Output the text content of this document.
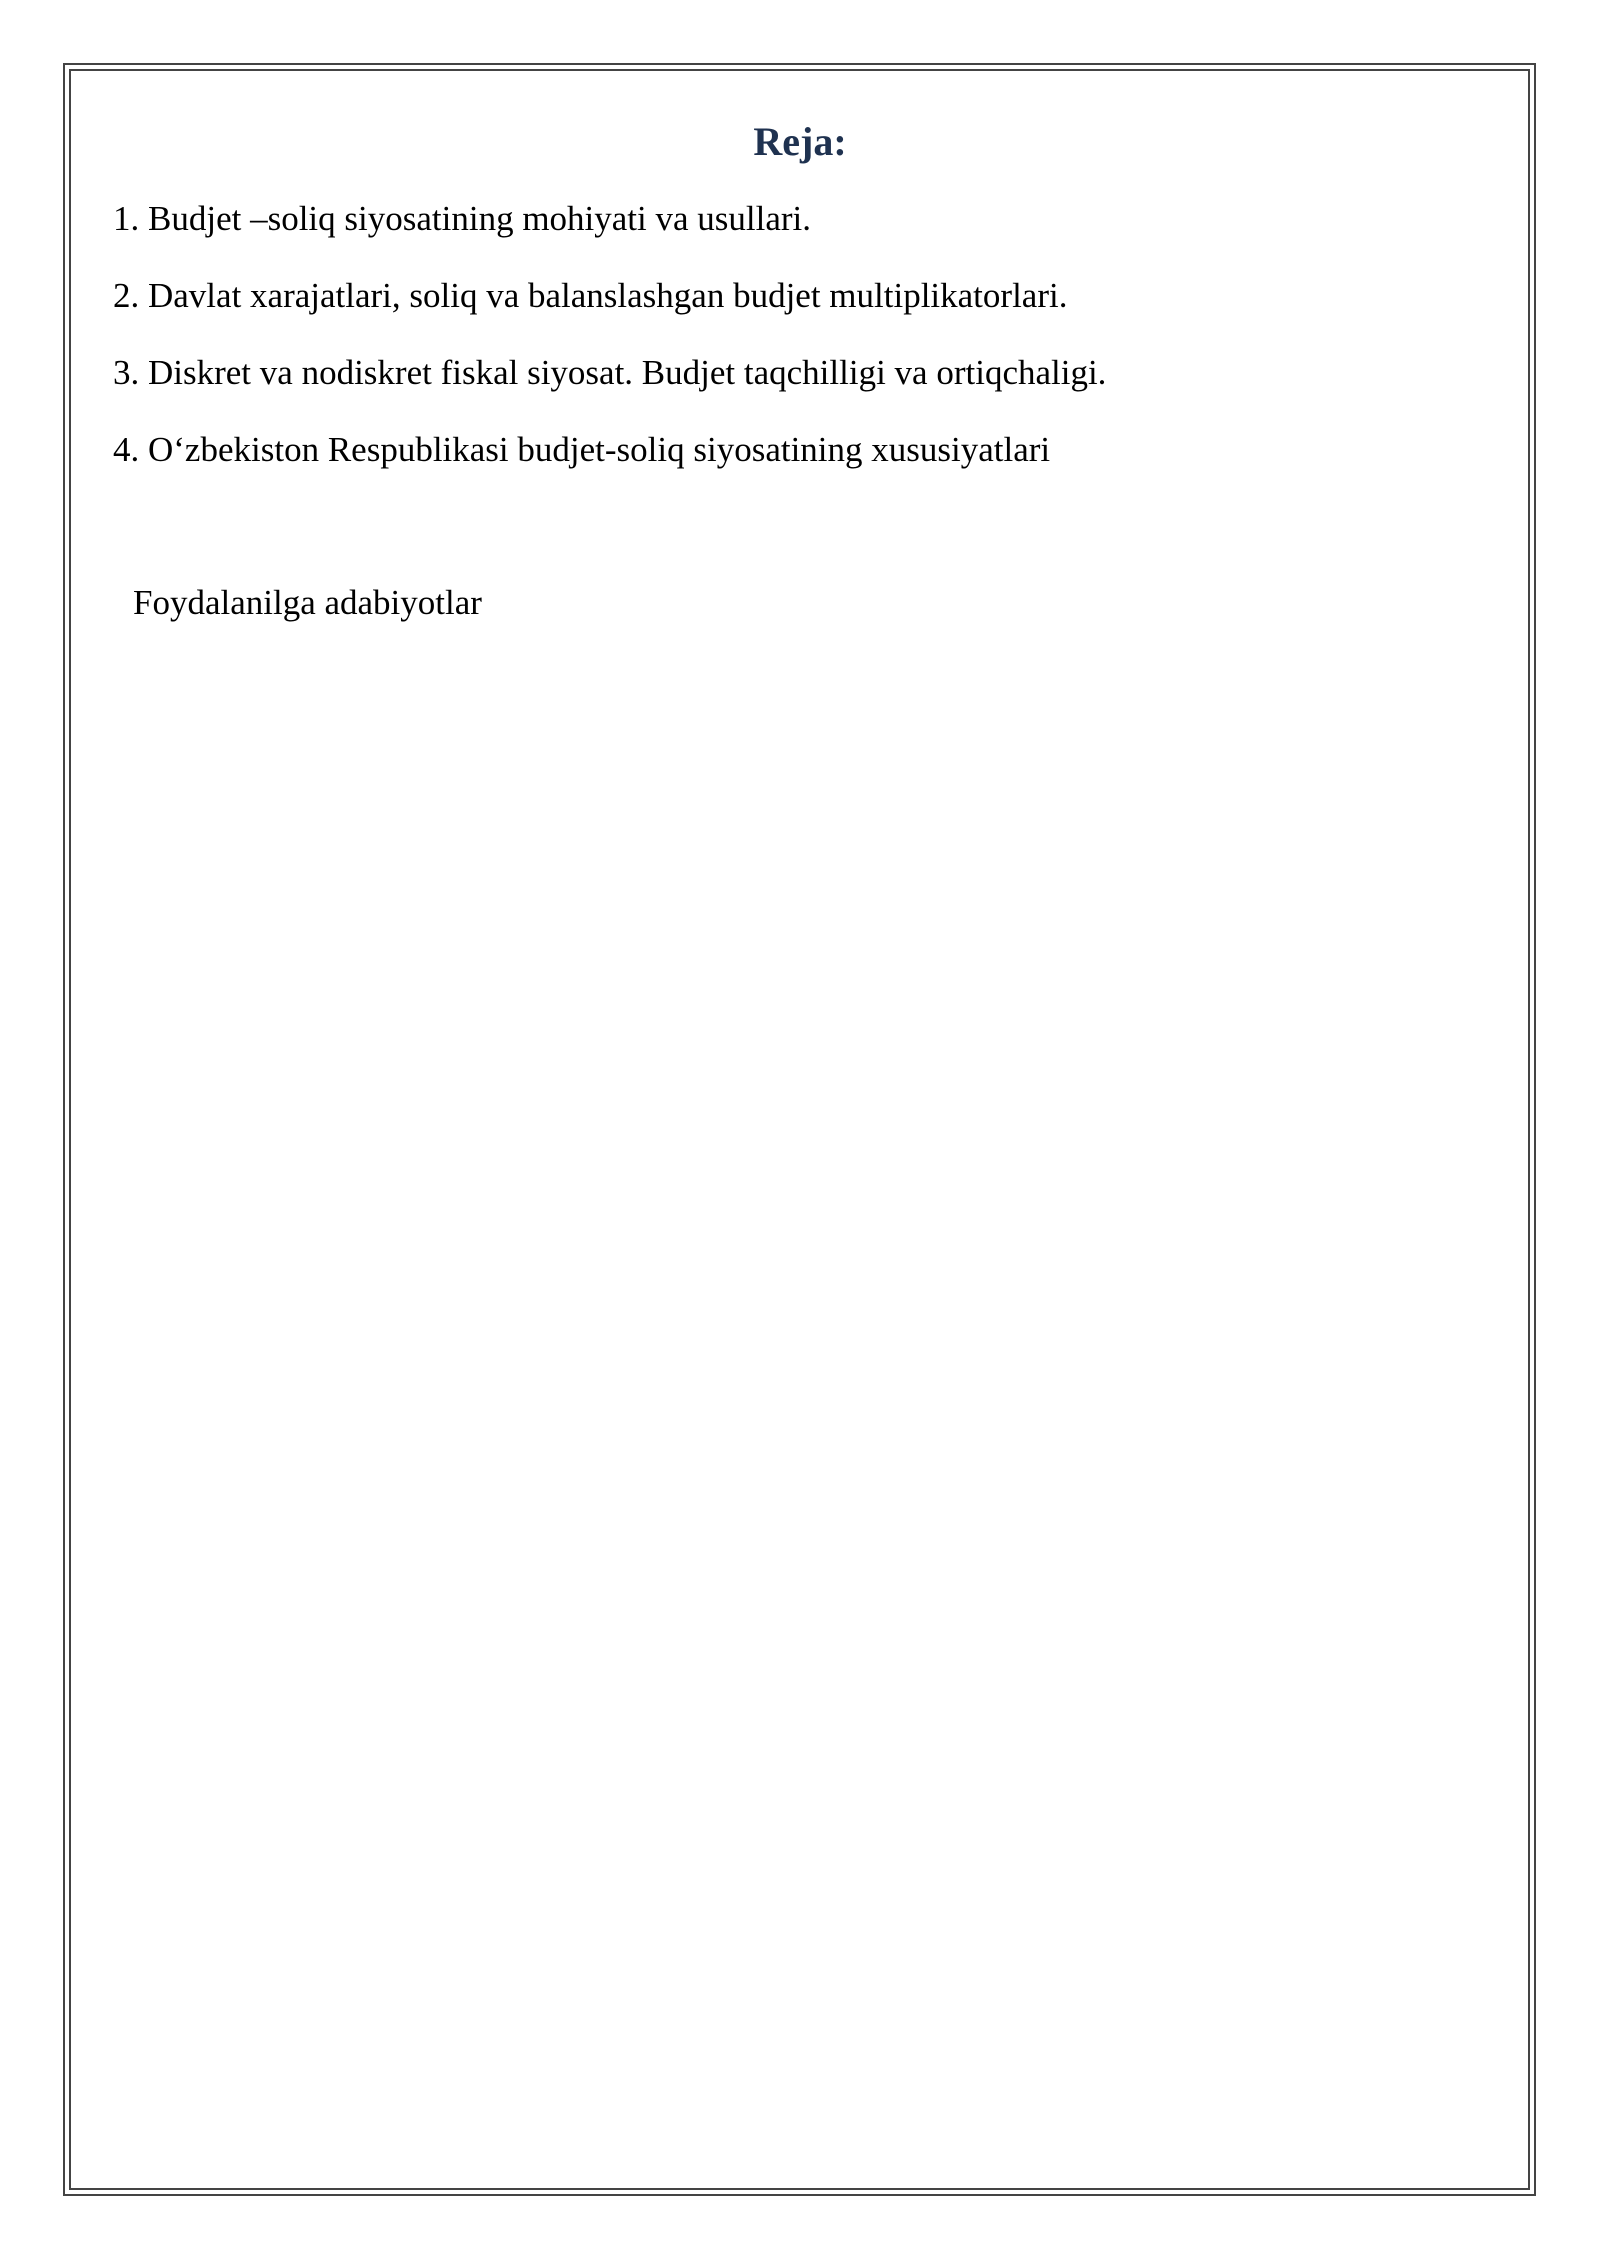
Reja:
1. Budjet –soliq siyosatining mohiyati va usullari.
2. Davlat xarajatlari, soliq va balanslashgan budjet multiplikatorlari.
3. Diskret va nodiskret fiskal siyosat. Budjet taqchilligi va ortiqchaligi.
4. O‘zbekiston Respublikasi budjet-soliq siyosatining xususiyatlari

Foydalanilga adabiyotlar
